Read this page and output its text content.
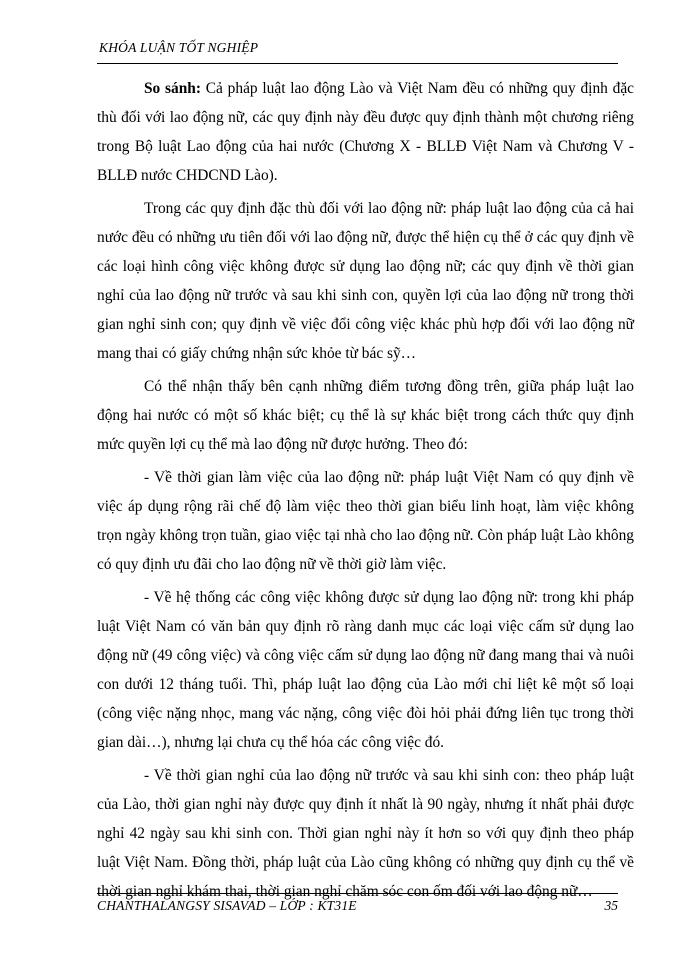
KHÓA LUẬN TỐT NGHIỆP

So sánh: Cả pháp luật lao động Lào và Việt Nam đều có những quy định đặc thù đối với lao động nữ, các quy định này đều được quy định thành một chương riêng trong Bộ luật Lao động của hai nước (Chương X - BLLĐ Việt Nam và Chương V - BLLĐ nước CHDCND Lào).

Trong các quy định đặc thù đối với lao động nữ: pháp luật lao động của cả hai nước đều có những ưu tiên đối với lao động nữ, được thể hiện cụ thể ở các quy định về các loại hình công việc không được sử dụng lao động nữ; các quy định về thời gian nghỉ của lao động nữ trước và sau khi sinh con, quyền lợi của lao động nữ trong thời gian nghỉ sinh con; quy định về việc đổi công việc khác phù hợp đối với lao động nữ mang thai có giấy chứng nhận sức khỏe từ bác sỹ…

Có thể nhận thấy bên cạnh những điểm tương đồng trên, giữa pháp luật lao động hai nước có một số khác biệt; cụ thể là sự khác biệt trong cách thức quy định mức quyền lợi cụ thể mà lao động nữ được hưởng. Theo đó:

- Về thời gian làm việc của lao động nữ: pháp luật Việt Nam có quy định về việc áp dụng rộng rãi chế độ làm việc theo thời gian biểu linh hoạt, làm việc không trọn ngày không trọn tuần, giao việc tại nhà cho lao động nữ. Còn pháp luật Lào không có quy định ưu đãi cho lao động nữ về thời giờ làm việc.

- Về hệ thống các công việc không được sử dụng lao động nữ: trong khi pháp luật Việt Nam có văn bản quy định rõ ràng danh mục các loại việc cấm sử dụng lao động nữ (49 công việc) và công việc cấm sử dụng lao động nữ đang mang thai và nuôi con dưới 12 tháng tuổi. Thì, pháp luật lao động của Lào mới chỉ liệt kê một số loại (công việc nặng nhọc, mang vác nặng, công việc đòi hỏi phải đứng liên tục trong thời gian dài…), nhưng lại chưa cụ thể hóa các công việc đó.

- Về thời gian nghỉ của lao động nữ trước và sau khi sinh con: theo pháp luật của Lào, thời gian nghỉ này được quy định ít nhất là 90 ngày, nhưng ít nhất phải được nghỉ 42 ngày sau khi sinh con. Thời gian nghỉ này ít hơn so với quy định theo pháp luật Việt Nam. Đồng thời, pháp luật của Lào cũng không có những quy định cụ thể về thời gian nghỉ khám thai, thời gian nghỉ chăm sóc con ốm đối với lao động nữ…

CHANTHALANGSY SISAVAD – LỚP : KT31E	35
